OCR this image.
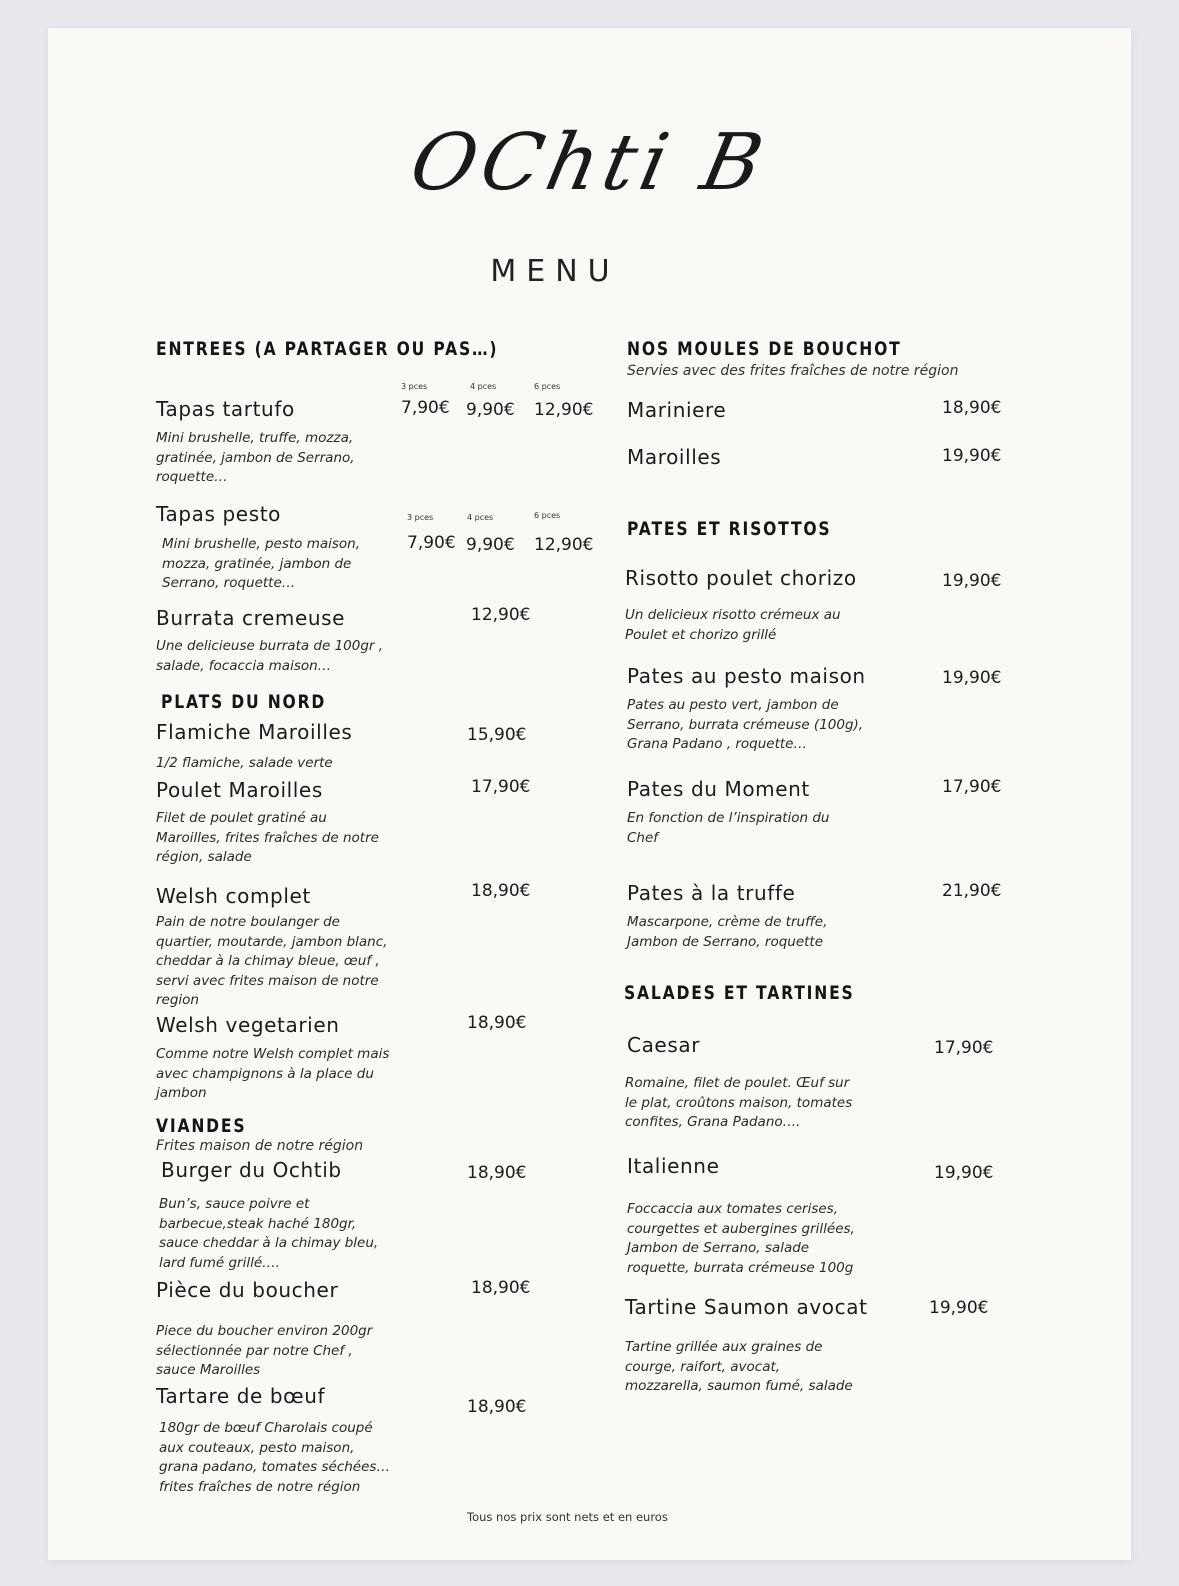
OChti B
MENU
ENTREES (A PARTAGER OU PAS…)
3 pces	4 pces	6 pces
Tapas tartufo	7,90€ 9,90€ 12,90€
Mini brushelle, truffe, mozza,
gratinée, jambon de Serrano,
roquette…
Tapas pesto	3 pces	4 pces	6 pces
7,90€ 9,90€ 12,90€
Mini brushelle, pesto maison,
mozza, gratinée, jambon de
Serrano, roquette…
Burrata cremeuse	12,90€
Une delicieuse burrata de 100gr ,
salade, focaccia maison…
PLATS DU NORD
Flamiche Maroilles	15,90€
1/2 flamiche, salade verte
Poulet Maroilles	17,90€
Filet de poulet gratiné au
Maroilles, frites fraîches de notre
région, salade
Welsh complet	18,90€
Pain de notre boulanger de
quartier, moutarde, jambon blanc,
cheddar à la chimay bleue, œuf ,
servi avec frites maison de notre
region
Welsh vegetarien	18,90€
Comme notre Welsh complet mais
avec champignons à la place du
jambon
VIANDES
Frites maison de notre région
Burger du Ochtib	18,90€
Bun’s, sauce poivre et
barbecue,steak haché 180gr,
sauce cheddar à la chimay bleu,
lard fumé grillé….
Pièce du boucher	18,90€
Piece du boucher environ 200gr
sélectionnée par notre Chef ,
sauce Maroilles
Tartare de bœuf	18,90€
180gr de bœuf Charolais coupé
aux couteaux, pesto maison,
grana padano, tomates séchées…
frites fraîches de notre région
NOS MOULES DE BOUCHOT
Servies avec des frites fraîches de notre région
Mariniere	18,90€
Maroilles	19,90€
PATES ET RISOTTOS
Risotto poulet chorizo	19,90€
Un delicieux risotto crémeux au
Poulet et chorizo grillé
Pates au pesto maison	19,90€
Pates au pesto vert, jambon de
Serrano, burrata crémeuse (100g),
Grana Padano , roquette…
Pates du Moment	17,90€
En fonction de l’inspiration du
Chef
Pates à la truffe	21,90€
Mascarpone, crème de truffe,
Jambon de Serrano, roquette
SALADES ET TARTINES
Caesar	17,90€
Romaine, filet de poulet. Œuf sur
le plat, croûtons maison, tomates
confites, Grana Padano….
Italienne	19,90€
Foccaccia aux tomates cerises,
courgettes et aubergines grillées,
Jambon de Serrano, salade
roquette, burrata crémeuse 100g
Tartine Saumon avocat	19,90€
Tartine grillée aux graines de
courge, raifort, avocat,
mozzarella, saumon fumé, salade
Tous nos prix sont nets et en euros
